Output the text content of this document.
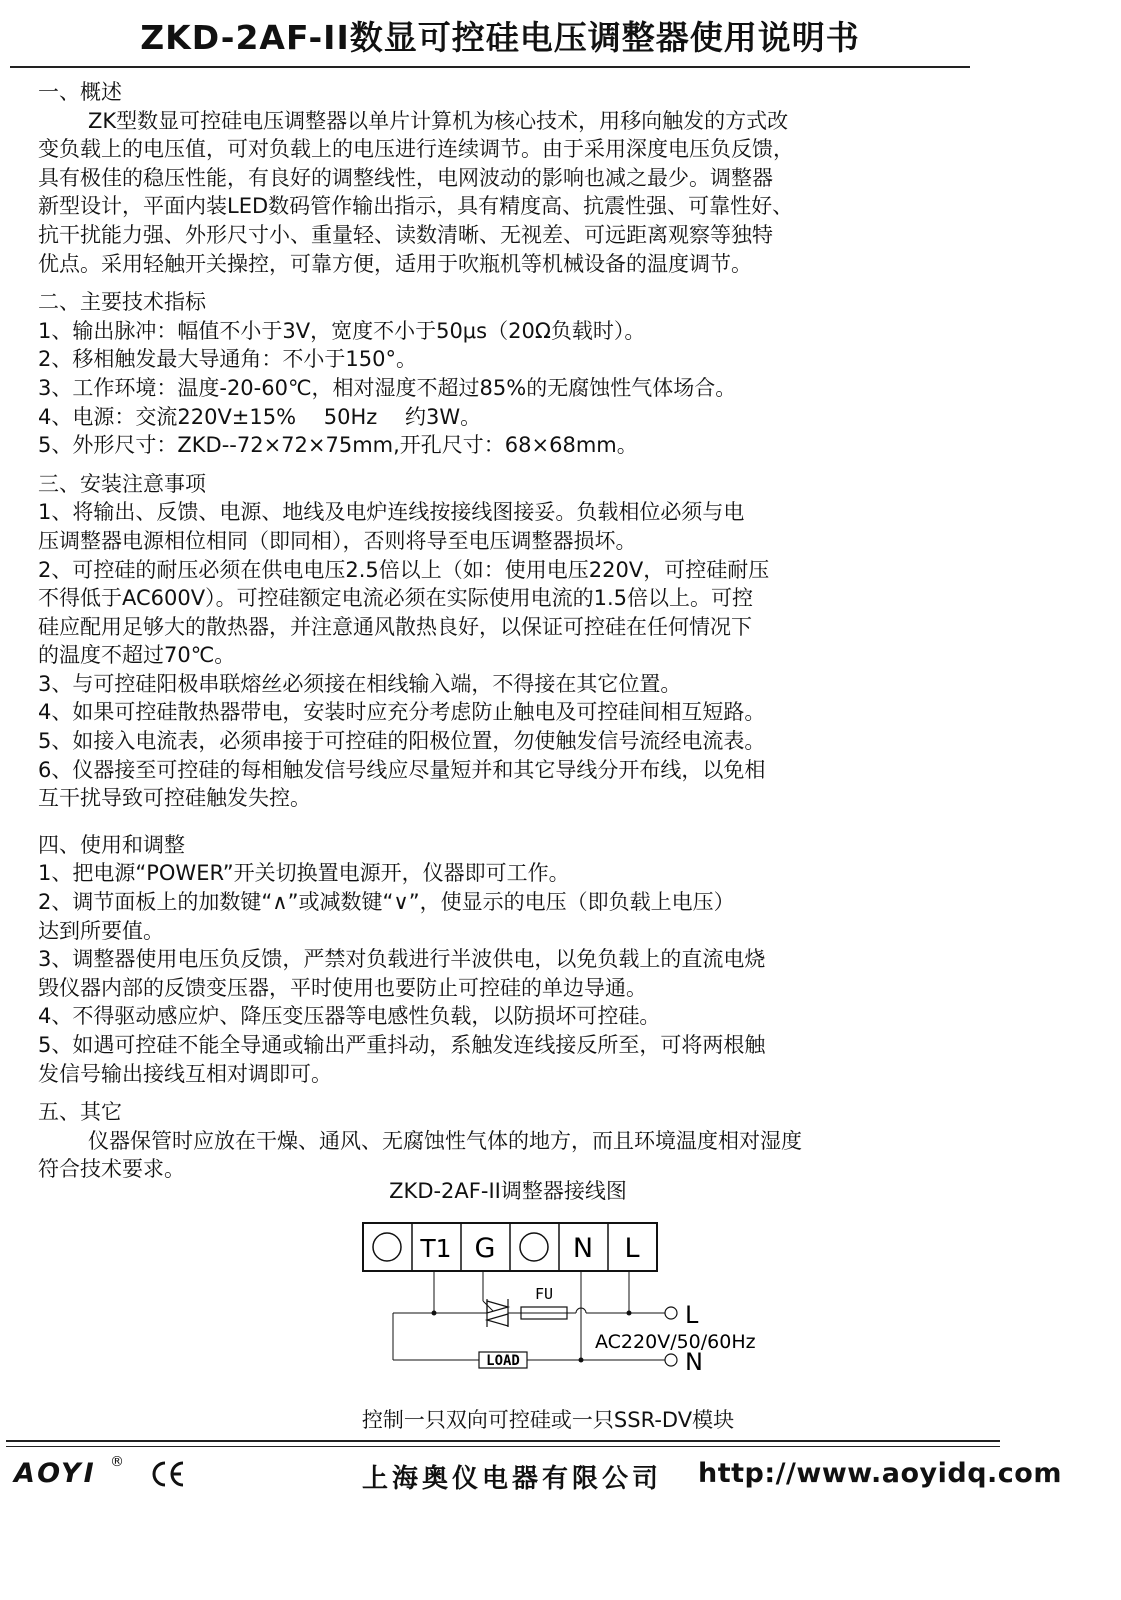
ZKD-2AF-II数显可控硅电压调整器使用说明书

一、概述

ZK型数显可控硅电压调整器以单片计算机为核心技术，用移向触发的方式改

变负载上的电压值，可对负载上的电压进行连续调节。由于采用深度电压负反馈，

具有极佳的稳压性能，有良好的调整线性，电网波动的影响也减之最少。调整器

新型设计，平面内装LED数码管作输出指示，具有精度高、抗震性强、可靠性好、

抗干扰能力强、外形尺寸小、重量轻、读数清晰、无视差、可远距离观察等独特

优点。采用轻触开关操控，可靠方便，适用于吹瓶机等机械设备的温度调节。

二、主要技术指标

1、输出脉冲：幅值不小于3V，宽度不小于50μs（20Ω负载时）。

2、移相触发最大导通角：不小于150°。

3、工作环境：温度-20-60℃，相对湿度不超过85%的无腐蚀性气体场合。

4、电源：交流220V±15%　 50Hz　 约3W。

5、外形尺寸：ZKD--72×72×75mm,开孔尺寸：68×68mm。

三、安装注意事项

1、将输出、反馈、电源、地线及电炉连线按接线图接妥。负载相位必须与电

压调整器电源相位相同（即同相），否则将导至电压调整器损坏。

2、可控硅的耐压必须在供电电压2.5倍以上（如：使用电压220V，可控硅耐压

不得低于AC600V）。可控硅额定电流必须在实际使用电流的1.5倍以上。可控

硅应配用足够大的散热器，并注意通风散热良好，以保证可控硅在任何情况下

的温度不超过70℃。

3、与可控硅阳极串联熔丝必须接在相线输入端，不得接在其它位置。

4、如果可控硅散热器带电，安装时应充分考虑防止触电及可控硅间相互短路。

5、如接入电流表，必须串接于可控硅的阳极位置，勿使触发信号流经电流表。

6、仪器接至可控硅的每相触发信号线应尽量短并和其它导线分开布线，以免相

互干扰导致可控硅触发失控。

四、使用和调整

1、把电源“POWER”开关切换置电源开，仪器即可工作。

2、调节面板上的加数键“∧”或减数键“∨”，使显示的电压（即负载上电压）

达到所要值。

3、调整器使用电压负反馈，严禁对负载进行半波供电，以免负载上的直流电烧

毁仪器内部的反馈变压器，平时使用也要防止可控硅的单边导通。

4、不得驱动感应炉、降压变压器等电感性负载，以防损坏可控硅。

5、如遇可控硅不能全导通或输出严重抖动，系触发连线接反所至，可将两根触

发信号输出接线互相对调即可。

五、其它

仪器保管时应放在干燥、通风、无腐蚀性气体的地方，而且环境温度相对湿度

符合技术要求。

ZKD-2AF-II调整器接线图
T1 G	N L
FU
L
AC220V/50/60Hz
LOAD	N
控制一只双向可控硅或一只SSR-DV模块
AOYI ®
上海奥仪电器有限公司 http://www.aoyidq.com
